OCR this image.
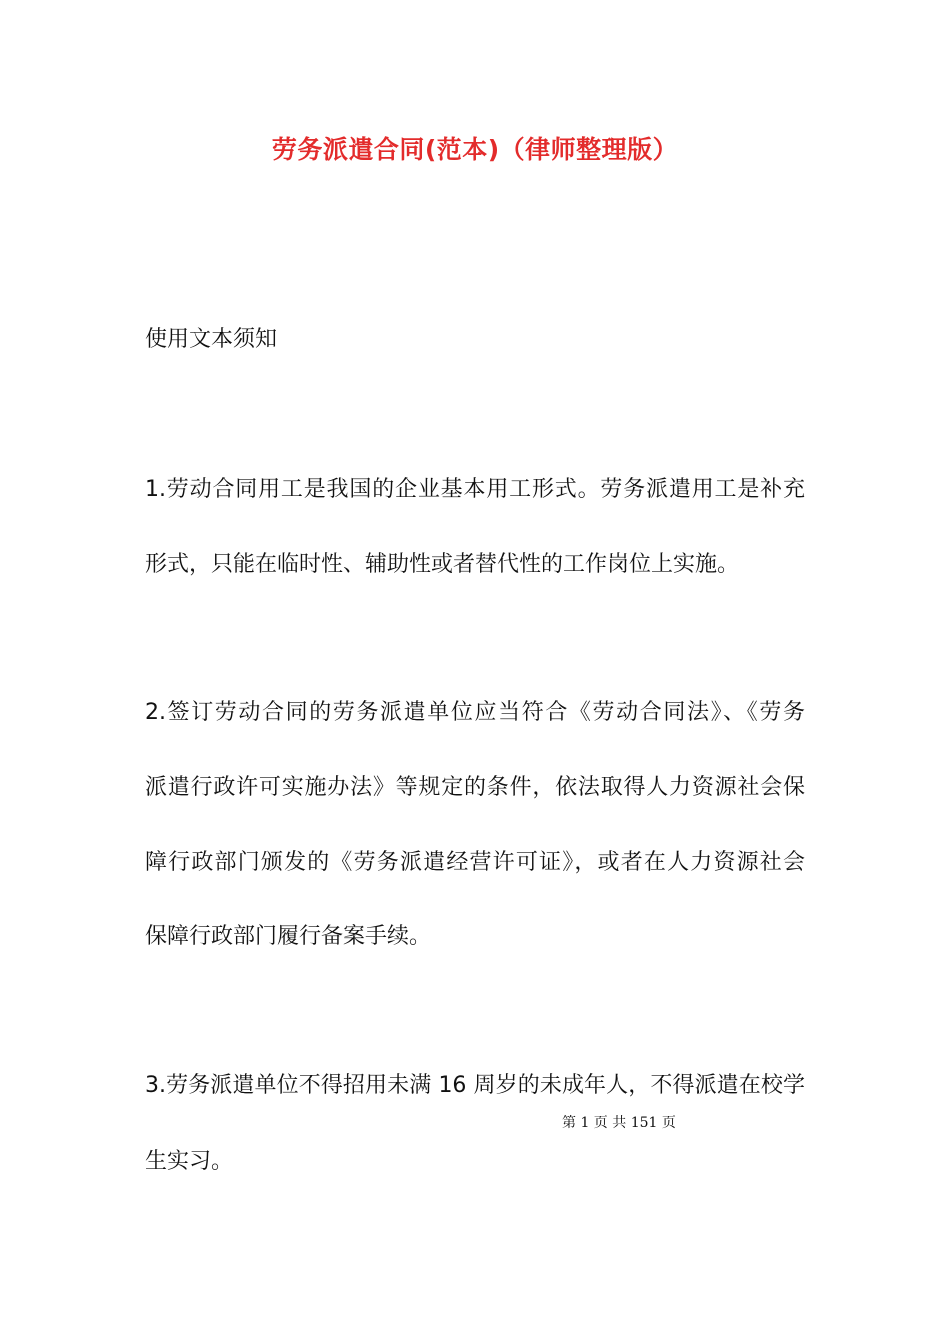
劳务派遣合同(范本)（律师整理版）
使用文本须知
1.劳动合同用工是我国的企业基本用工形式。劳务派遣用工是补充
形式，只能在临时性、辅助性或者替代性的工作岗位上实施。
2.签订劳动合同的劳务派遣单位应当符合《劳动合同法》、《劳务
派遣行政许可实施办法》等规定的条件，依法取得人力资源社会保
障行政部门颁发的《劳务派遣经营许可证》，或者在人力资源社会
保障行政部门履行备案手续。
3.劳务派遣单位不得招用未满 16 周岁的未成年人，不得派遣在校学
第 1 页 共 151 页
生实习。
